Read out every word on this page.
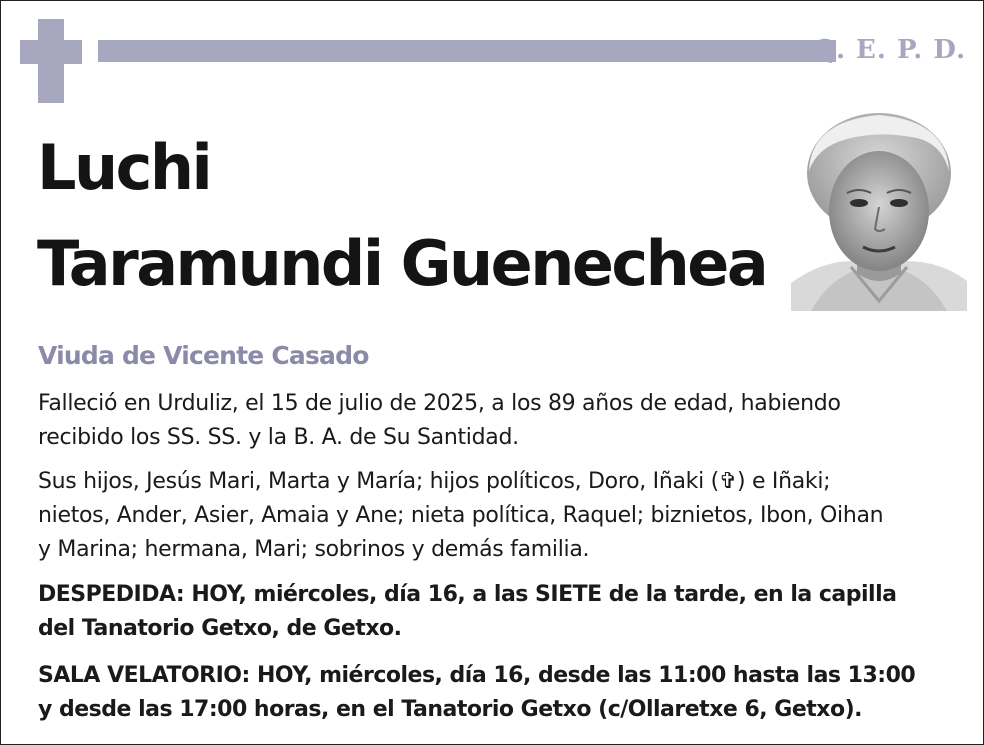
Q. E. P. D.
Luchi
Taramundi Guenechea
Viuda de Vicente Casado
Falleció en Urduliz, el 15 de julio de 2025, a los 89 años de edad, habiendo
recibido los SS. SS. y la B. A. de Su Santidad.
Sus hijos, Jesús Mari, Marta y María; hijos políticos, Doro, Iñaki (✞) e Iñaki;
nietos, Ander, Asier, Amaia y Ane; nieta política, Raquel; biznietos, Ibon, Oihan
y Marina; hermana, Mari; sobrinos y demás familia.
DESPEDIDA: HOY, miércoles, día 16, a las SIETE de la tarde, en la capilla
del Tanatorio Getxo, de Getxo.
SALA VELATORIO: HOY, miércoles, día 16, desde las 11:00 hasta las 13:00
y desde las 17:00 horas, en el Tanatorio Getxo (c/Ollaretxe 6, Getxo).
